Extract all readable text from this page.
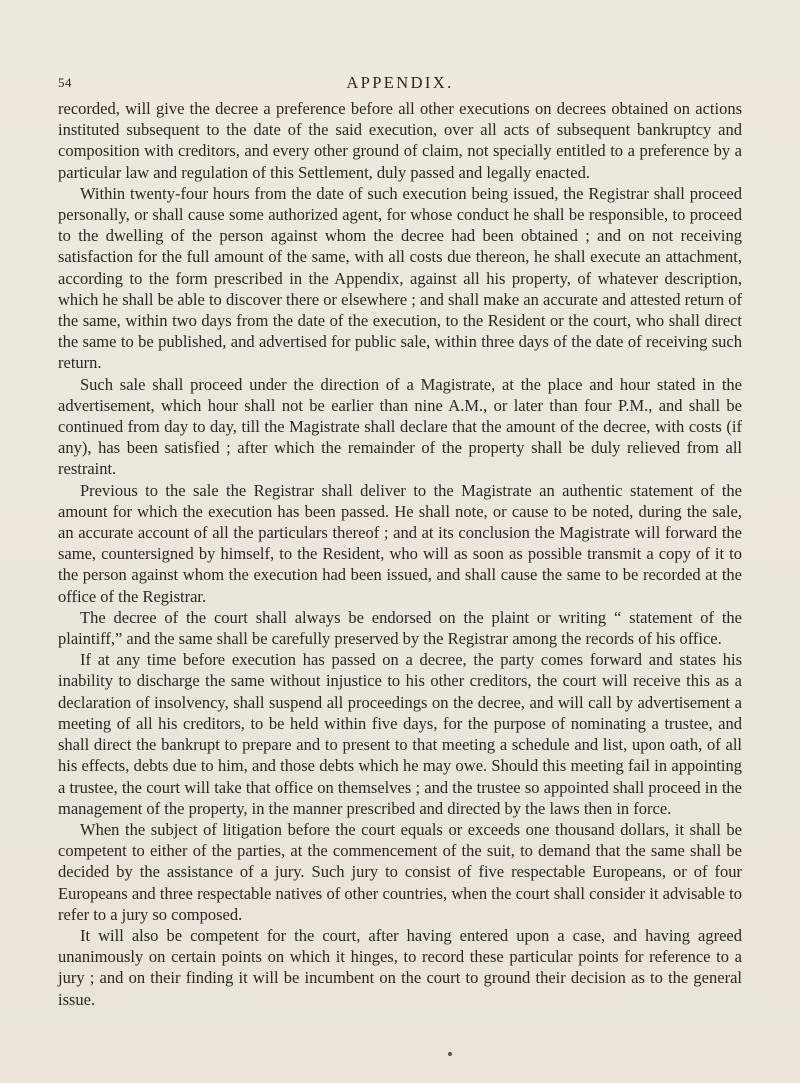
54	APPENDIX.

recorded, will give the decree a preference before all other executions on decrees obtained on actions instituted subsequent to the date of the said execution, over all acts of subsequent bankruptcy and composition with creditors, and every other ground of claim, not specially entitled to a preference by a particular law and regulation of this Settlement, duly passed and legally enacted.

Within twenty-four hours from the date of such execution being issued, the Registrar shall proceed personally, or shall cause some authorized agent, for whose conduct he shall be responsible, to proceed to the dwelling of the person against whom the decree had been obtained ; and on not receiving satisfaction for the full amount of the same, with all costs due thereon, he shall execute an attachment, according to the form prescribed in the Appendix, against all his property, of whatever description, which he shall be able to discover there or elsewhere ; and shall make an accurate and attested return of the same, within two days from the date of the execution, to the Resident or the court, who shall direct the same to be published, and advertised for public sale, within three days of the date of receiving such return.

Such sale shall proceed under the direction of a Magistrate, at the place and hour stated in the advertisement, which hour shall not be earlier than nine A.M., or later than four P.M., and shall be continued from day to day, till the Magistrate shall declare that the amount of the decree, with costs (if any), has been satisfied ; after which the remainder of the property shall be duly relieved from all restraint.

Previous to the sale the Registrar shall deliver to the Magistrate an authentic statement of the amount for which the execution has been passed. He shall note, or cause to be noted, during the sale, an accurate account of all the particulars thereof ; and at its conclusion the Magistrate will forward the same, countersigned by himself, to the Resident, who will as soon as possible transmit a copy of it to the person against whom the execution had been issued, and shall cause the same to be recorded at the office of the Registrar.

The decree of the court shall always be endorsed on the plaint or writing “ statement of the plaintiff,” and the same shall be carefully preserved by the Registrar among the records of his office.

If at any time before execution has passed on a decree, the party comes forward and states his inability to discharge the same without injustice to his other creditors, the court will receive this as a declaration of insolvency, shall suspend all proceedings on the decree, and will call by advertisement a meeting of all his creditors, to be held within five days, for the purpose of nominating a trustee, and shall direct the bankrupt to prepare and to present to that meeting a schedule and list, upon oath, of all his effects, debts due to him, and those debts which he may owe. Should this meeting fail in appointing a trustee, the court will take that office on themselves ; and the trustee so appointed shall proceed in the management of the property, in the manner prescribed and directed by the laws then in force.

When the subject of litigation before the court equals or exceeds one thousand dollars, it shall be competent to either of the parties, at the commencement of the suit, to demand that the same shall be decided by the assistance of a jury. Such jury to consist of five respectable Europeans, or of four Europeans and three respectable natives of other countries, when the court shall consider it advisable to refer to a jury so composed.

It will also be competent for the court, after having entered upon a case, and having agreed unanimously on certain points on which it hinges, to record these particular points for reference to a jury ; and on their finding it will be incumbent on the court to ground their decision as to the general issue.
